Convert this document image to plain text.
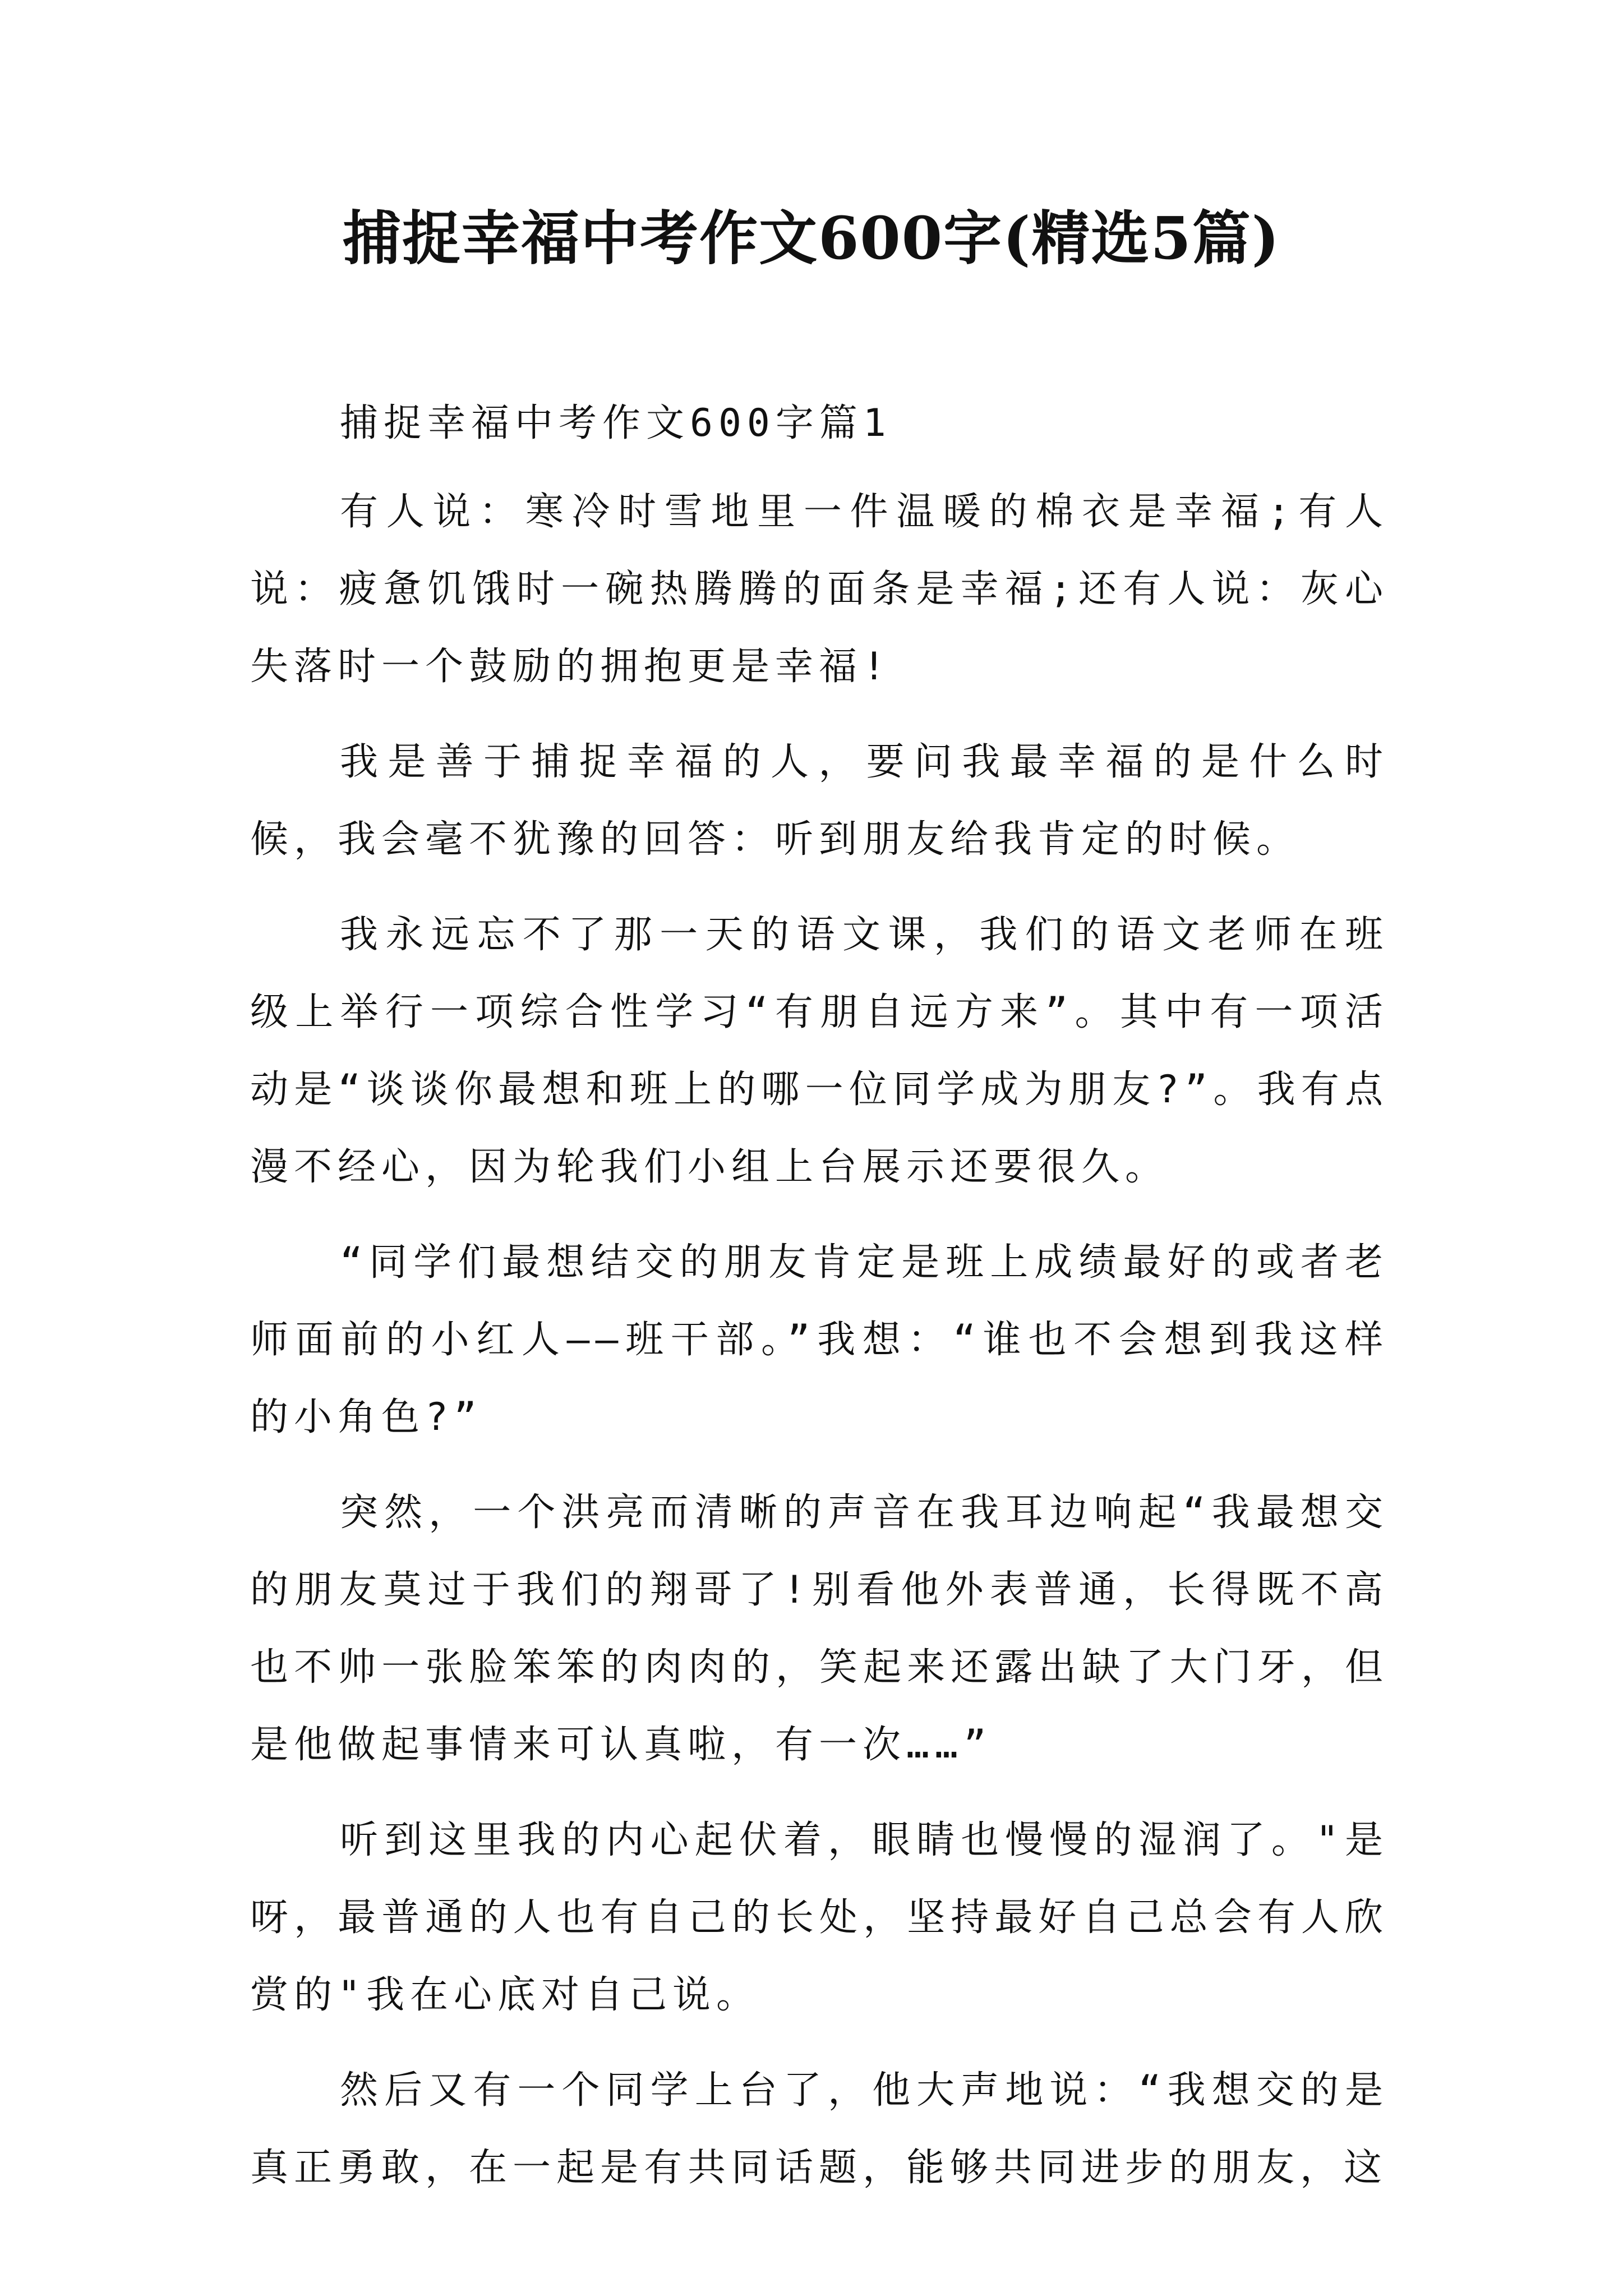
捕捉幸福中考作文600字(精选5篇)

捕捉幸福中考作文600字篇1

有人说：寒冷时雪地里一件温暖的棉衣是幸福;有人说：疲惫饥饿时一碗热腾腾的面条是幸福;还有人说：灰心失落时一个鼓励的拥抱更是幸福!

我是善于捕捉幸福的人，要问我最幸福的是什么时候，我会毫不犹豫的回答：听到朋友给我肯定的时候。

我永远忘不了那一天的语文课，我们的语文老师在班级上举行一项综合性学习“有朋自远方来”。其中有一项活动是“谈谈你最想和班上的哪一位同学成为朋友?”。我有点漫不经心，因为轮我们小组上台展示还要很久。

“同学们最想结交的朋友肯定是班上成绩最好的或者老师面前的小红人——班干部。”我想：“谁也不会想到我这样的小角色?”

突然，一个洪亮而清晰的声音在我耳边响起“我最想交的朋友莫过于我们的翔哥了!别看他外表普通，长得既不高也不帅一张脸笨笨的肉肉的，笑起来还露出缺了大门牙，但是他做起事情来可认真啦，有一次……”

听到这里我的内心起伏着，眼睛也慢慢的湿润了。"是呀，最普通的人也有自己的长处，坚持最好自己总会有人欣赏的"我在心底对自己说。

然后又有一个同学上台了，他大声地说：“我想交的是真正勇敢，在一起是有共同话题，能够共同进步的朋友，这
